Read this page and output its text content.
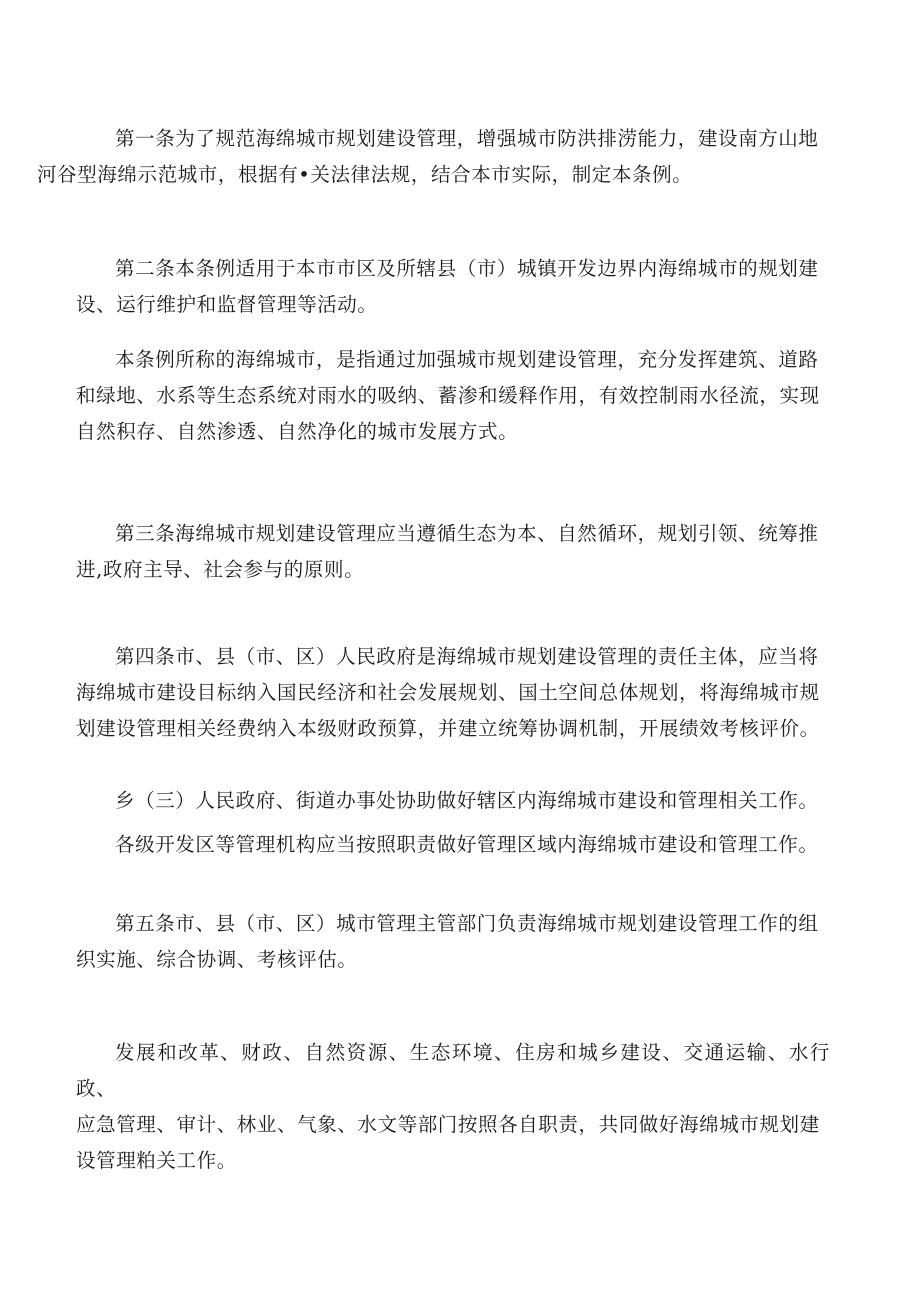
第一条为了规范海绵城市规划建设管理，增强城市防洪排涝能力，建设南方山地
河谷型海绵示范城市，根据有•关法律法规，结合本市实际，制定本条例。

第二条本条例适用于本市市区及所辖县（市）城镇开发边界内海绵城市的规划建
设、运行维护和监督管理等活动。

本条例所称的海绵城市，是指通过加强城市规划建设管理，充分发挥建筑、道路
和绿地、水系等生态系统对雨水的吸纳、蓄渗和缓释作用，有效控制雨水径流，实现
自然积存、自然渗透、自然净化的城市发展方式。

第三条海绵城市规划建设管理应当遵循生态为本、自然循环，规划引领、统筹推
进,政府主导、社会参与的原则。

第四条市、县（市、区）人民政府是海绵城市规划建设管理的责任主体，应当将
海绵城市建设目标纳入国民经济和社会发展规划、国土空间总体规划，将海绵城市规
划建设管理相关经费纳入本级财政预算，并建立统筹协调机制，开展绩效考核评价。

乡（三）人民政府、街道办事处协助做好辖区内海绵城市建设和管理相关工作。

各级开发区等管理机构应当按照职责做好管理区域内海绵城市建设和管理工作。

第五条市、县（市、区）城市管理主管部门负责海绵城市规划建设管理工作的组
织实施、综合协调、考核评估。

发展和改革、财政、自然资源、生态环境、住房和城乡建设、交通运输、水行政、
应急管理、审计、林业、气象、水文等部门按照各自职责，共同做好海绵城市规划建
设管理粕关工作。
